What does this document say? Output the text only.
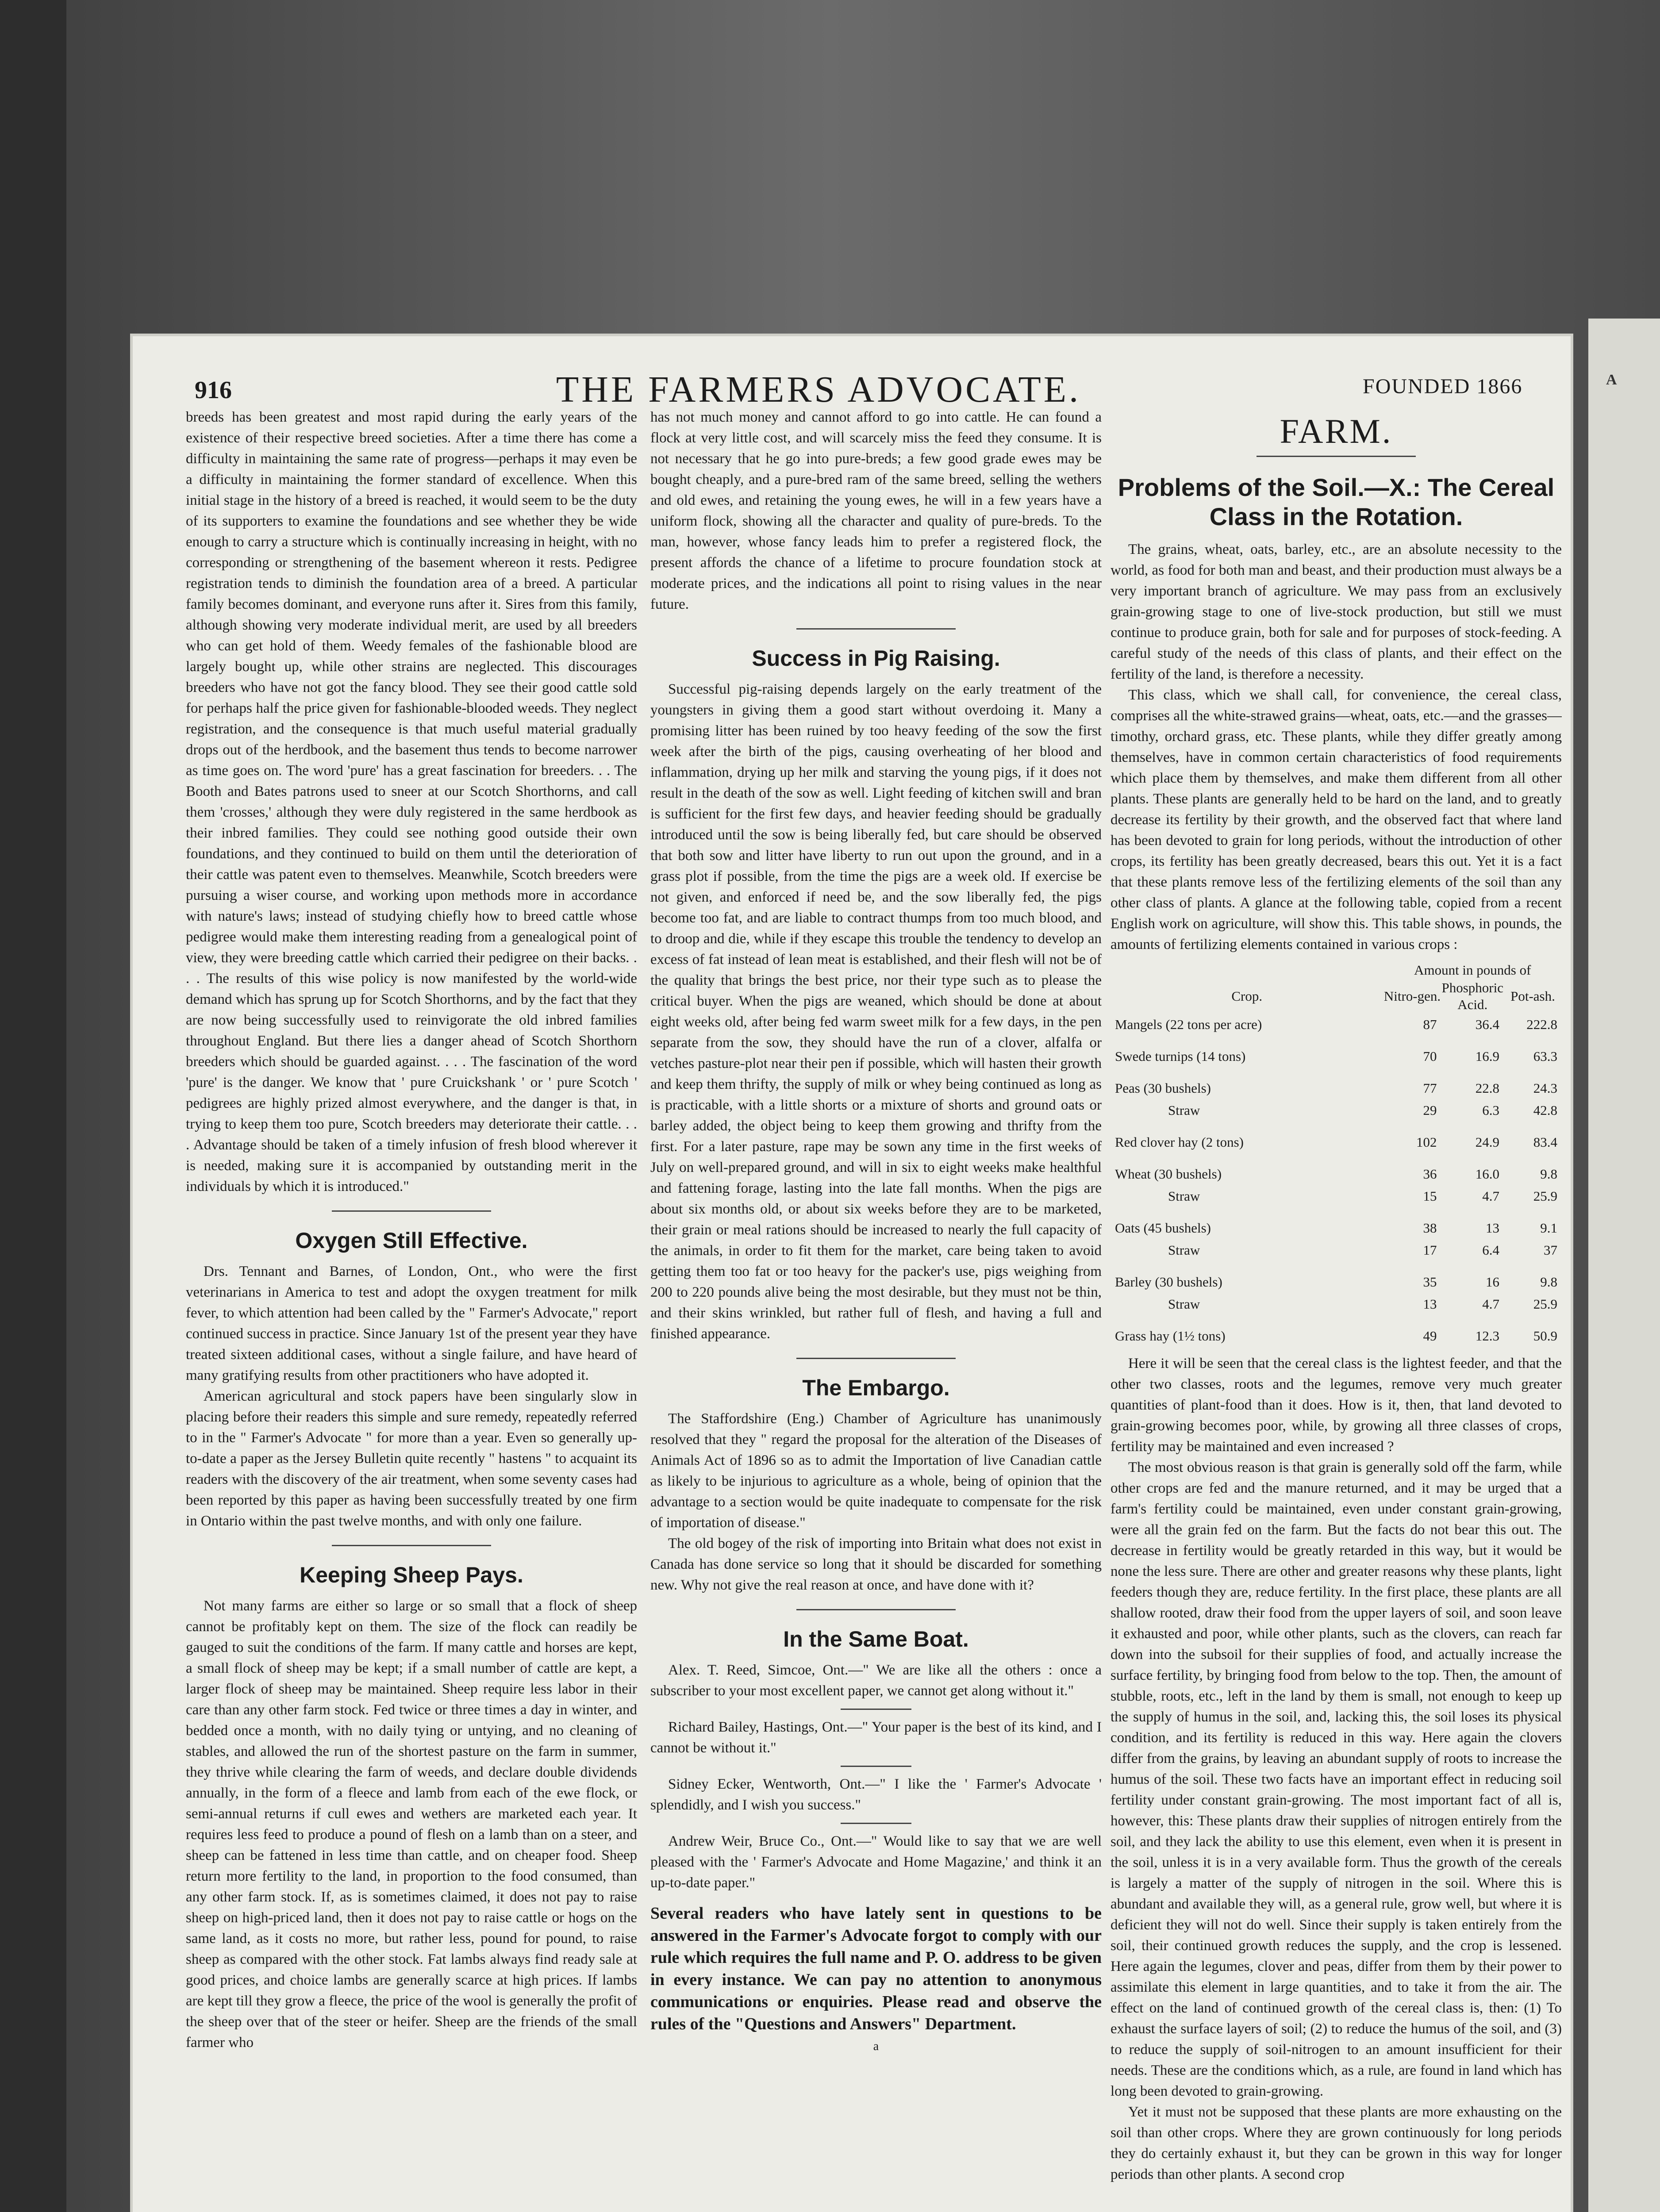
A
916	THE FARMERS ADVOCATE.	FOUNDED 1866

breeds has been greatest and most rapid during the early years of the existence of their respective breed societies. After a time there has come a difficulty in maintaining the same rate of progress—perhaps it may even be a difficulty in maintaining the former standard of excellence. When this initial stage in the history of a breed is reached, it would seem to be the duty of its supporters to examine the foundations and see whether they be wide enough to carry a structure which is continually increasing in height, with no corresponding or strengthening of the basement whereon it rests. Pedigree registration tends to diminish the foundation area of a breed. A particular family becomes dominant, and everyone runs after it. Sires from this family, although showing very moderate individual merit, are used by all breeders who can get hold of them. Weedy females of the fashionable blood are largely bought up, while other strains are neglected. This discourages breeders who have not got the fancy blood. They see their good cattle sold for perhaps half the price given for fashionable-blooded weeds. They neglect registration, and the consequence is that much useful material gradually drops out of the herdbook, and the basement thus tends to become narrower as time goes on. The word 'pure' has a great fascination for breeders. . . The Booth and Bates patrons used to sneer at our Scotch Shorthorns, and call them 'crosses,' although they were duly registered in the same herdbook as their inbred families. They could see nothing good outside their own foundations, and they continued to build on them until the deterioration of their cattle was patent even to themselves. Meanwhile, Scotch breeders were pursuing a wiser course, and working upon methods more in accordance with nature's laws; instead of studying chiefly how to breed cattle whose pedigree would make them interesting reading from a genealogical point of view, they were breeding cattle which carried their pedigree on their backs. . . . The results of this wise policy is now manifested by the world-wide demand which has sprung up for Scotch Shorthorns, and by the fact that they are now being successfully used to reinvigorate the old inbred families throughout England. But there lies a danger ahead of Scotch Shorthorn breeders which should be guarded against. . . . The fascination of the word 'pure' is the danger. We know that ' pure Cruickshank ' or ' pure Scotch ' pedigrees are highly prized almost everywhere, and the danger is that, in trying to keep them too pure, Scotch breeders may deteriorate their cattle. . . . Advantage should be taken of a timely infusion of fresh blood wherever it is needed, making sure it is accompanied by outstanding merit in the individuals by which it is introduced."

Oxygen Still Effective.

Drs. Tennant and Barnes, of London, Ont., who were the first veterinarians in America to test and adopt the oxygen treatment for milk fever, to which attention had been called by the " Farmer's Advocate," report continued success in practice. Since January 1st of the present year they have treated sixteen additional cases, without a single failure, and have heard of many gratifying results from other practitioners who have adopted it.

American agricultural and stock papers have been singularly slow in placing before their readers this simple and sure remedy, repeatedly referred to in the " Farmer's Advocate " for more than a year. Even so generally up-to-date a paper as the Jersey Bulletin quite recently " hastens " to acquaint its readers with the discovery of the air treatment, when some seventy cases had been reported by this paper as having been successfully treated by one firm in Ontario within the past twelve months, and with only one failure.

Keeping Sheep Pays.

Not many farms are either so large or so small that a flock of sheep cannot be profitably kept on them. The size of the flock can readily be gauged to suit the conditions of the farm. If many cattle and horses are kept, a small flock of sheep may be kept; if a small number of cattle are kept, a larger flock of sheep may be maintained. Sheep require less labor in their care than any other farm stock. Fed twice or three times a day in winter, and bedded once a month, with no daily tying or untying, and no cleaning of stables, and allowed the run of the shortest pasture on the farm in summer, they thrive while clearing the farm of weeds, and declare double dividends annually, in the form of a fleece and lamb from each of the ewe flock, or semi-annual returns if cull ewes and wethers are marketed each year. It requires less feed to produce a pound of flesh on a lamb than on a steer, and sheep can be fattened in less time than cattle, and on cheaper food. Sheep return more fertility to the land, in proportion to the food consumed, than any other farm stock. If, as is sometimes claimed, it does not pay to raise sheep on high-priced land, then it does not pay to raise cattle or hogs on the same land, as it costs no more, but rather less, pound for pound, to raise sheep as compared with the other stock. Fat lambs always find ready sale at good prices, and choice lambs are generally scarce at high prices. If lambs are kept till they grow a fleece, the price of the wool is generally the profit of the sheep over that of the steer or heifer. Sheep are the friends of the small farmer who

has not much money and cannot afford to go into cattle. He can found a flock at very little cost, and will scarcely miss the feed they consume. It is not necessary that he go into pure-breds; a few good grade ewes may be bought cheaply, and a pure-bred ram of the same breed, selling the wethers and old ewes, and retaining the young ewes, he will in a few years have a uniform flock, showing all the character and quality of pure-breds. To the man, however, whose fancy leads him to prefer a registered flock, the present affords the chance of a lifetime to procure foundation stock at moderate prices, and the indications all point to rising values in the near future.

Success in Pig Raising.

Successful pig-raising depends largely on the early treatment of the youngsters in giving them a good start without overdoing it. Many a promising litter has been ruined by too heavy feeding of the sow the first week after the birth of the pigs, causing overheating of her blood and inflammation, drying up her milk and starving the young pigs, if it does not result in the death of the sow as well. Light feeding of kitchen swill and bran is sufficient for the first few days, and heavier feeding should be gradually introduced until the sow is being liberally fed, but care should be observed that both sow and litter have liberty to run out upon the ground, and in a grass plot if possible, from the time the pigs are a week old. If exercise be not given, and enforced if need be, and the sow liberally fed, the pigs become too fat, and are liable to contract thumps from too much blood, and to droop and die, while if they escape this trouble the tendency to develop an excess of fat instead of lean meat is established, and their flesh will not be of the quality that brings the best price, nor their type such as to please the critical buyer. When the pigs are weaned, which should be done at about eight weeks old, after being fed warm sweet milk for a few days, in the pen separate from the sow, they should have the run of a clover, alfalfa or vetches pasture-plot near their pen if possible, which will hasten their growth and keep them thrifty, the supply of milk or whey being continued as long as is practicable, with a little shorts or a mixture of shorts and ground oats or barley added, the object being to keep them growing and thrifty from the first. For a later pasture, rape may be sown any time in the first weeks of July on well-prepared ground, and will in six to eight weeks make healthful and fattening forage, lasting into the late fall months. When the pigs are about six months old, or about six weeks before they are to be marketed, their grain or meal rations should be increased to nearly the full capacity of the animals, in order to fit them for the market, care being taken to avoid getting them too fat or too heavy for the packer's use, pigs weighing from 200 to 220 pounds alive being the most desirable, but they must not be thin, and their skins wrinkled, but rather full of flesh, and having a full and finished appearance.

The Embargo.

The Staffordshire (Eng.) Chamber of Agriculture has unanimously resolved that they " regard the proposal for the alteration of the Diseases of Animals Act of 1896 so as to admit the Importation of live Canadian cattle as likely to be injurious to agriculture as a whole, being of opinion that the advantage to a section would be quite inadequate to compensate for the risk of importation of disease."

The old bogey of the risk of importing into Britain what does not exist in Canada has done service so long that it should be discarded for something new. Why not give the real reason at once, and have done with it?

In the Same Boat.

Alex. T. Reed, Simcoe, Ont.—" We are like all the others : once a subscriber to your most excellent paper, we cannot get along without it."

Richard Bailey, Hastings, Ont.—" Your paper is the best of its kind, and I cannot be without it."

Sidney Ecker, Wentworth, Ont.—" I like the ' Farmer's Advocate ' splendidly, and I wish you success."

Andrew Weir, Bruce Co., Ont.—" Would like to say that we are well pleased with the ' Farmer's Advocate and Home Magazine,' and think it an up-to-date paper."

Several readers who have lately sent in questions to be answered in the Farmer's Advocate forgot to comply with our rule which requires the full name and P. O. address to be given in every instance. We can pay no attention to anonymous communications or enquiries. Please read and observe the rules of the "Questions and Answers" Department.

a
FARM.
Problems of the Soil.—X.: The Cereal Class in the Rotation.

The grains, wheat, oats, barley, etc., are an absolute necessity to the world, as food for both man and beast, and their production must always be a very important branch of agriculture. We may pass from an exclusively grain-growing stage to one of live-stock production, but still we must continue to produce grain, both for sale and for purposes of stock-feeding. A careful study of the needs of this class of plants, and their effect on the fertility of the land, is therefore a necessity.

This class, which we shall call, for convenience, the cereal class, comprises all the white-strawed grains—wheat, oats, etc.—and the grasses—timothy, orchard grass, etc. These plants, while they differ greatly among themselves, have in common certain characteristics of food requirements which place them by themselves, and make them different from all other plants. These plants are generally held to be hard on the land, and to greatly decrease its fertility by their growth, and the observed fact that where land has been devoted to grain for long periods, without the introduction of other crops, its fertility has been greatly decreased, bears this out. Yet it is a fact that these plants remove less of the fertilizing elements of the soil than any other class of plants. A glance at the following table, copied from a recent English work on agriculture, will show this. This table shows, in pounds, the amounts of fertilizing elements contained in various crops :

	Amount in pounds of		
Crop.	Nitro-gen.	Phosphoric Acid.	Pot-ash.
Mangels (22 tons per acre)	87	36.4	222.8
Swede turnips (14 tons)	70	16.9	63.3
Peas (30 bushels)	77	22.8	24.3
Straw	29	6.3	42.8
Red clover hay (2 tons)	102	24.9	83.4
Wheat (30 bushels)	36	16.0	9.8
Straw	15	4.7	25.9
Oats (45 bushels)	38	13	9.1
Straw	17	6.4	37
Barley (30 bushels)	35	16	9.8
Straw	13	4.7	25.9
Grass hay (1½ tons)	49	12.3	50.9

Here it will be seen that the cereal class is the lightest feeder, and that the other two classes, roots and the legumes, remove very much greater quantities of plant-food than it does. How is it, then, that land devoted to grain-growing becomes poor, while, by growing all three classes of crops, fertility may be maintained and even increased ?

The most obvious reason is that grain is generally sold off the farm, while other crops are fed and the manure returned, and it may be urged that a farm's fertility could be maintained, even under constant grain-growing, were all the grain fed on the farm. But the facts do not bear this out. The decrease in fertility would be greatly retarded in this way, but it would be none the less sure. There are other and greater reasons why these plants, light feeders though they are, reduce fertility. In the first place, these plants are all shallow rooted, draw their food from the upper layers of soil, and soon leave it exhausted and poor, while other plants, such as the clovers, can reach far down into the subsoil for their supplies of food, and actually increase the surface fertility, by bringing food from below to the top. Then, the amount of stubble, roots, etc., left in the land by them is small, not enough to keep up the supply of humus in the soil, and, lacking this, the soil loses its physical condition, and its fertility is reduced in this way. Here again the clovers differ from the grains, by leaving an abundant supply of roots to increase the humus of the soil. These two facts have an important effect in reducing soil fertility under constant grain-growing. The most important fact of all is, however, this: These plants draw their supplies of nitrogen entirely from the soil, and they lack the ability to use this element, even when it is present in the soil, unless it is in a very available form. Thus the growth of the cereals is largely a matter of the supply of nitrogen in the soil. Where this is abundant and available they will, as a general rule, grow well, but where it is deficient they will not do well. Since their supply is taken entirely from the soil, their continued growth reduces the supply, and the crop is lessened. Here again the legumes, clover and peas, differ from them by their power to assimilate this element in large quantities, and to take it from the air. The effect on the land of continued growth of the cereal class is, then: (1) To exhaust the surface layers of soil; (2) to reduce the humus of the soil, and (3) to reduce the supply of soil-nitrogen to an amount insufficient for their needs. These are the conditions which, as a rule, are found in land which has long been devoted to grain-growing.

Yet it must not be supposed that these plants are more exhausting on the soil than other crops. Where they are grown continuously for long periods they do certainly exhaust it, but they can be grown in this way for longer periods than other plants. A second crop
